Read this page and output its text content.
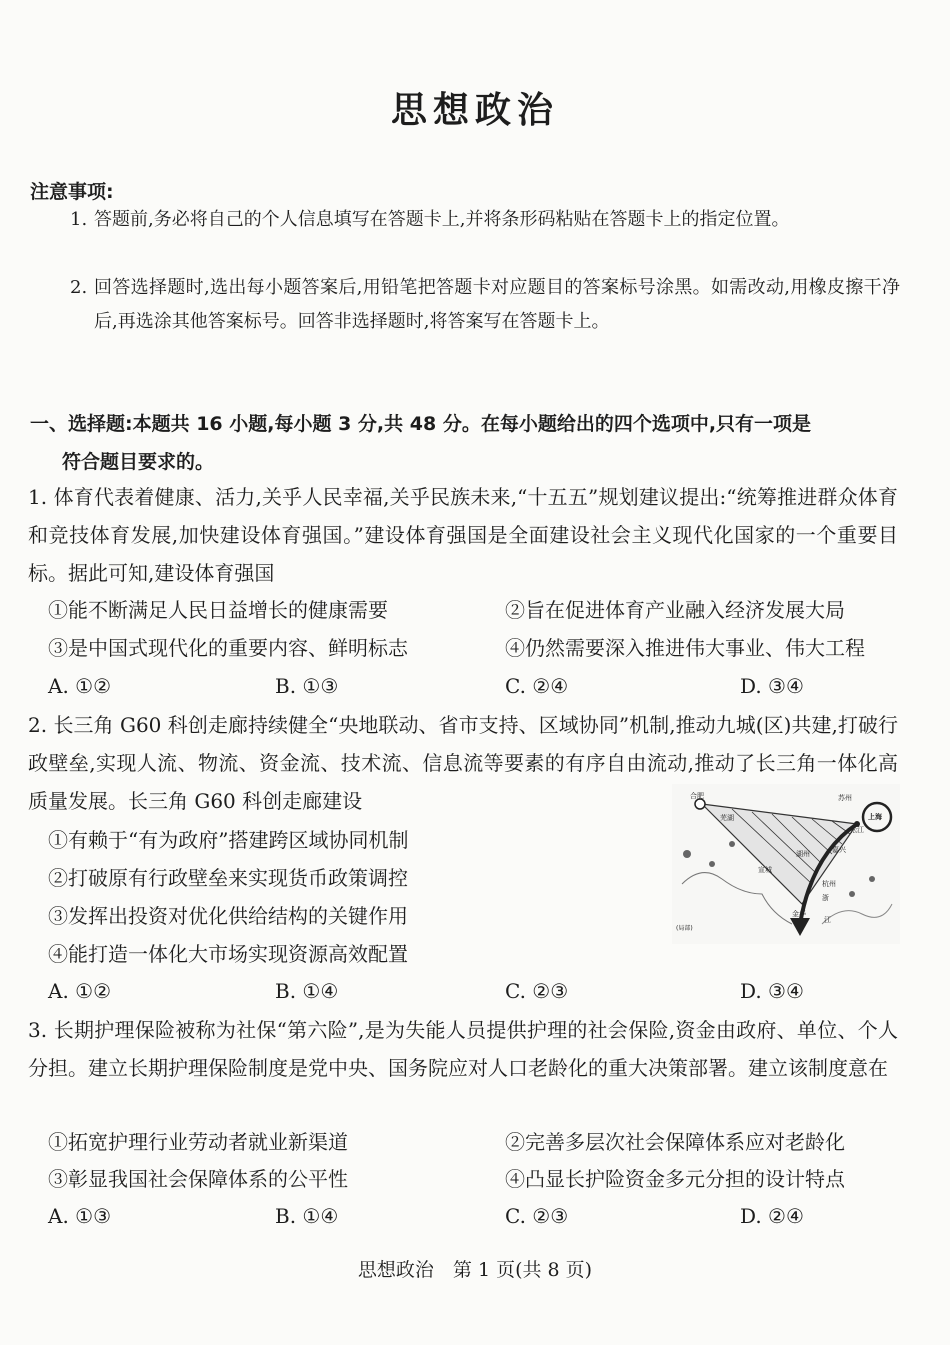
思想政治
注意事项:
1. 答题前,务必将自己的个人信息填写在答题卡上,并将条形码粘贴在答题卡上的指定位置。
2. 回答选择题时,选出每小题答案后,用铅笔把答题卡对应题目的答案标号涂黑。如需改动,用橡皮擦干净后,再选涂其他答案标号。回答非选择题时,将答案写在答题卡上。
一、选择题:本题共 16 小题,每小题 3 分,共 48 分。在每小题给出的四个选项中,只有一项是
符合题目要求的。
1. 体育代表着健康、活力,关乎人民幸福,关乎民族未来,“十五五”规划建议提出:“统筹推进群众体育和竞技体育发展,加快建设体育强国。”建设体育强国是全面建设社会主义现代化国家的一个重要目标。据此可知,建设体育强国
①能不断满足人民日益增长的健康需要	②旨在促进体育产业融入经济发展大局
③是中国式现代化的重要内容、鲜明标志	④仍然需要深入推进伟大事业、伟大工程
A. ①②	B. ①③	C. ②④	D. ③④
2. 长三角 G60 科创走廊持续健全“央地联动、省市支持、区域协同”机制,推动九城(区)共建,打破行政壁垒,实现人流、物流、资金流、技术流、信息流等要素的有序自由流动,推动了长三角一体化高质量发展。长三角 G60 科创走廊建设	合肥
上海
苏州
杭州
嘉兴
湖州
宣城
金华
芜湖
松江
浙
江
(局部)
①有赖于“有为政府”搭建跨区域协同机制
②打破原有行政壁垒来实现货币政策调控
③发挥出投资对优化供给结构的关键作用
④能打造一体化大市场实现资源高效配置
A. ①②	B. ①④	C. ②③	D. ③④
3. 长期护理保险被称为社保“第六险”,是为失能人员提供护理的社会保险,资金由政府、单位、个人分担。建立长期护理保险制度是党中央、国务院应对人口老龄化的重大决策部署。建立该制度意在
①拓宽护理行业劳动者就业新渠道	②完善多层次社会保障体系应对老龄化
③彰显我国社会保障体系的公平性	④凸显长护险资金多元分担的设计特点
A. ①③	B. ①④	C. ②③	D. ②④
思想政治　第 1 页(共 8 页)
